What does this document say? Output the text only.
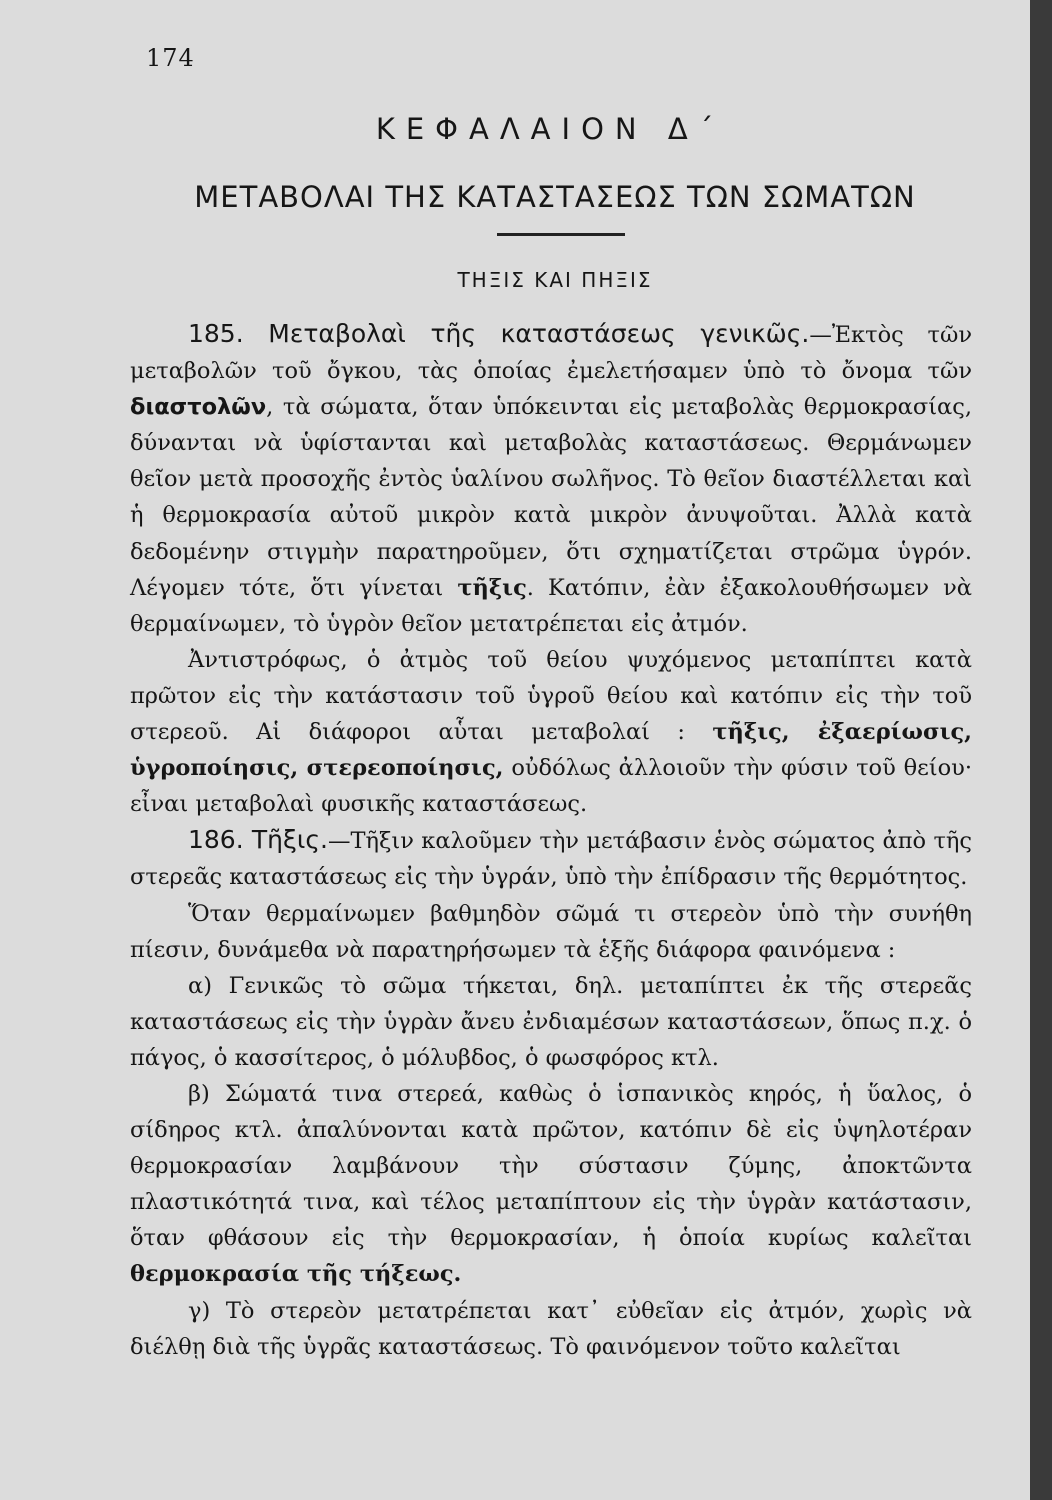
174
ΚΕΦΑΛΑΙΟΝ Δ΄
ΜΕΤΑΒΟΛΑΙ ΤΗΣ ΚΑΤΑΣΤΑΣΕΩΣ ΤΩΝ ΣΩΜΑΤΩΝ
ΤΗΞΙΣ ΚΑΙ ΠΗΞΙΣ

185. Μεταβολαὶ τῆς καταστάσεως γενικῶς.—Ἐκτὸς τῶν μεταβολῶν τοῦ ὄγκου, τὰς ὁποίας ἐμελετήσαμεν ὑπὸ τὸ ὄνομα τῶν διαστολῶν, τὰ σώματα, ὅταν ὑπόκεινται εἰς μεταβολὰς θερμοκρασίας, δύνανται νὰ ὑφίστανται καὶ μεταβολὰς καταστάσεως. Θερμάνωμεν θεῖον μετὰ προσοχῆς ἐντὸς ὑαλίνου σωλῆνος. Τὸ θεῖον διαστέλλεται καὶ ἡ θερμοκρασία αὐτοῦ μικρὸν κατὰ μικρὸν ἀνυψοῦται. Ἀλλὰ κατὰ δεδομένην στιγμὴν παρατηροῦμεν, ὅτι σχηματίζεται στρῶμα ὑγρόν. Λέγομεν τότε, ὅτι γίνεται τῆξις. Κατόπιν, ἐὰν ἐξακολουθήσωμεν νὰ θερμαίνωμεν, τὸ ὑγρὸν θεῖον μετατρέπεται εἰς ἀτμόν.

Ἀντιστρόφως, ὁ ἀτμὸς τοῦ θείου ψυχόμενος μεταπίπτει κατὰ πρῶτον εἰς τὴν κατάστασιν τοῦ ὑγροῦ θείου καὶ κατόπιν εἰς τὴν τοῦ στερεοῦ. Αἱ διάφοροι αὗται μεταβολαί : τῆξις, ἐξαερίωσις, ὑγροποίησις, στερεοποίησις, οὐδόλως ἀλλοιοῦν τὴν φύσιν τοῦ θείου· εἶναι μεταβολαὶ φυσικῆς καταστάσεως.

186. Τῆξις.—Τῆξιν καλοῦμεν τὴν μετάβασιν ἑνὸς σώματος ἀπὸ τῆς στερεᾶς καταστάσεως εἰς τὴν ὑγράν, ὑπὸ τὴν ἐπίδρασιν τῆς θερμότητος.

Ὅταν θερμαίνωμεν βαθμηδὸν σῶμά τι στερεὸν ὑπὸ τὴν συνήθη πίεσιν, δυνάμεθα νὰ παρατηρήσωμεν τὰ ἑξῆς διάφορα φαινόμενα :

α) Γενικῶς τὸ σῶμα τήκεται, δηλ. μεταπίπτει ἐκ τῆς στερεᾶς καταστάσεως εἰς τὴν ὑγρὰν ἄνευ ἐνδιαμέσων καταστάσεων, ὅπως π.χ. ὁ πάγος, ὁ κασσίτερος, ὁ μόλυβδος, ὁ φωσφόρος κτλ.

β) Σώματά τινα στερεά, καθὼς ὁ ἱσπανικὸς κηρός, ἡ ὕαλος, ὁ σίδηρος κτλ. ἀπαλύνονται κατὰ πρῶτον, κατόπιν δὲ εἰς ὑψηλοτέραν θερμοκρασίαν λαμβάνουν τὴν σύστασιν ζύμης, ἀποκτῶντα πλαστικότητά τινα, καὶ τέλος μεταπίπτουν εἰς τὴν ὑγρὰν κατάστασιν, ὅταν φθάσουν εἰς τὴν θερμοκρασίαν, ἡ ὁποία κυρίως καλεῖται θερμοκρασία τῆς τήξεως.

γ) Τὸ στερεὸν μετατρέπεται κατ᾽ εὐθεῖαν εἰς ἀτμόν, χωρὶς νὰ διέλθῃ διὰ τῆς ὑγρᾶς καταστάσεως. Τὸ φαινόμενον τοῦτο καλεῖται
